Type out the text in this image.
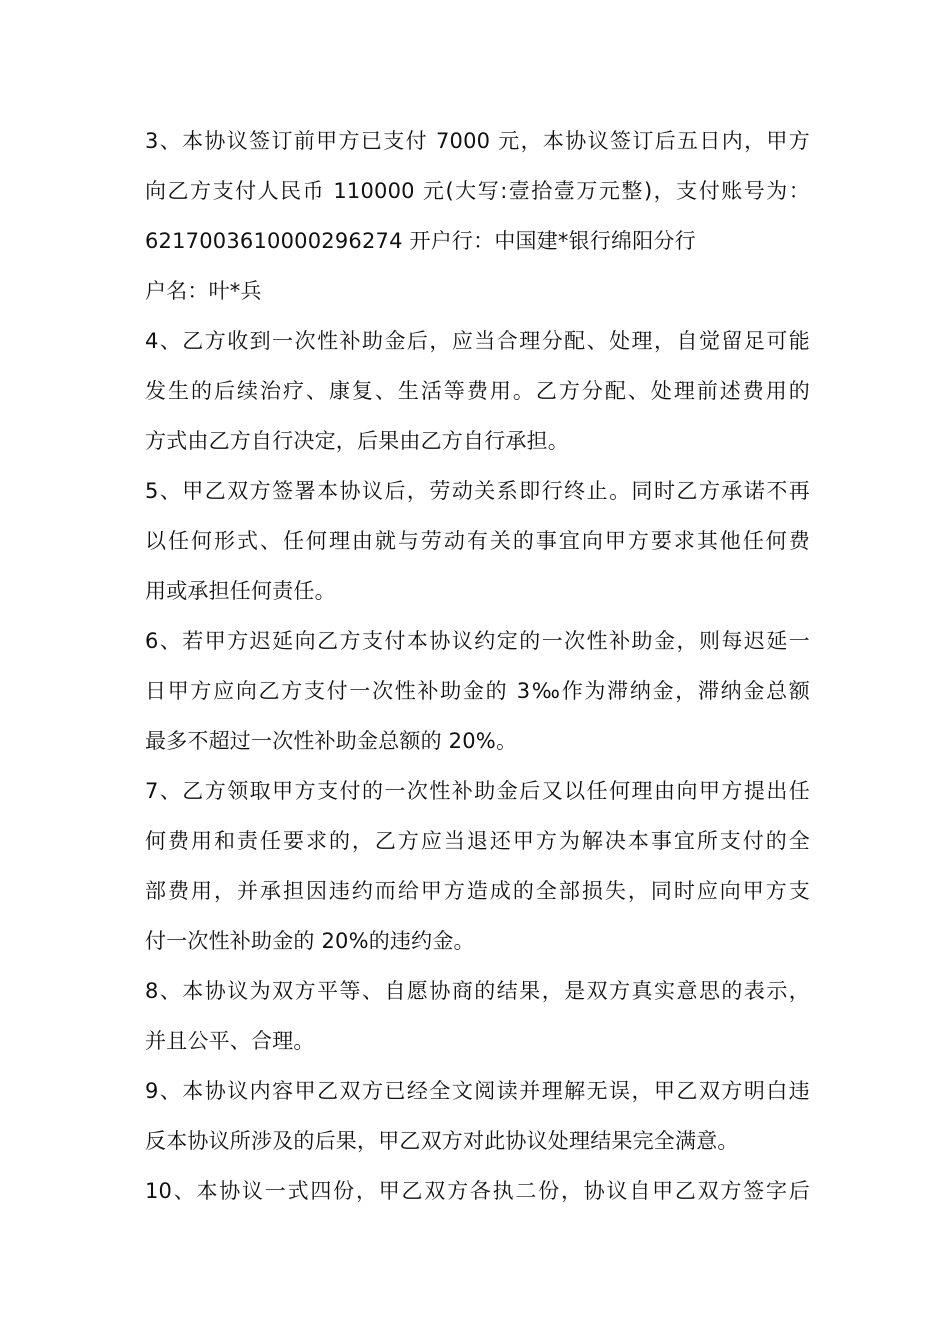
3、本协议签订前甲方已支付 7000 元，本协议签订后五日内，甲方
向乙方支付人民币 110000 元(大写:壹拾壹万元整)，支付账号为：
6217003610000296274 开户行：中国建*银行绵阳分行
户名：叶*兵
4、乙方收到一次性补助金后，应当合理分配、处理，自觉留足可能
发生的后续治疗、康复、生活等费用。乙方分配、处理前述费用的
方式由乙方自行决定，后果由乙方自行承担。
5、甲乙双方签署本协议后，劳动关系即行终止。同时乙方承诺不再
以任何形式、任何理由就与劳动有关的事宜向甲方要求其他任何费
用或承担任何责任。
6、若甲方迟延向乙方支付本协议约定的一次性补助金，则每迟延一
日甲方应向乙方支付一次性补助金的 3‰作为滞纳金，滞纳金总额
最多不超过一次性补助金总额的 20%。
7、乙方领取甲方支付的一次性补助金后又以任何理由向甲方提出任
何费用和责任要求的，乙方应当退还甲方为解决本事宜所支付的全
部费用，并承担因违约而给甲方造成的全部损失，同时应向甲方支
付一次性补助金的 20%的违约金。
8、本协议为双方平等、自愿协商的结果，是双方真实意思的表示，
并且公平、合理。
9、本协议内容甲乙双方已经全文阅读并理解无误，甲乙双方明白违
反本协议所涉及的后果，甲乙双方对此协议处理结果完全满意。
10、本协议一式四份，甲乙双方各执二份，协议自甲乙双方签字后
